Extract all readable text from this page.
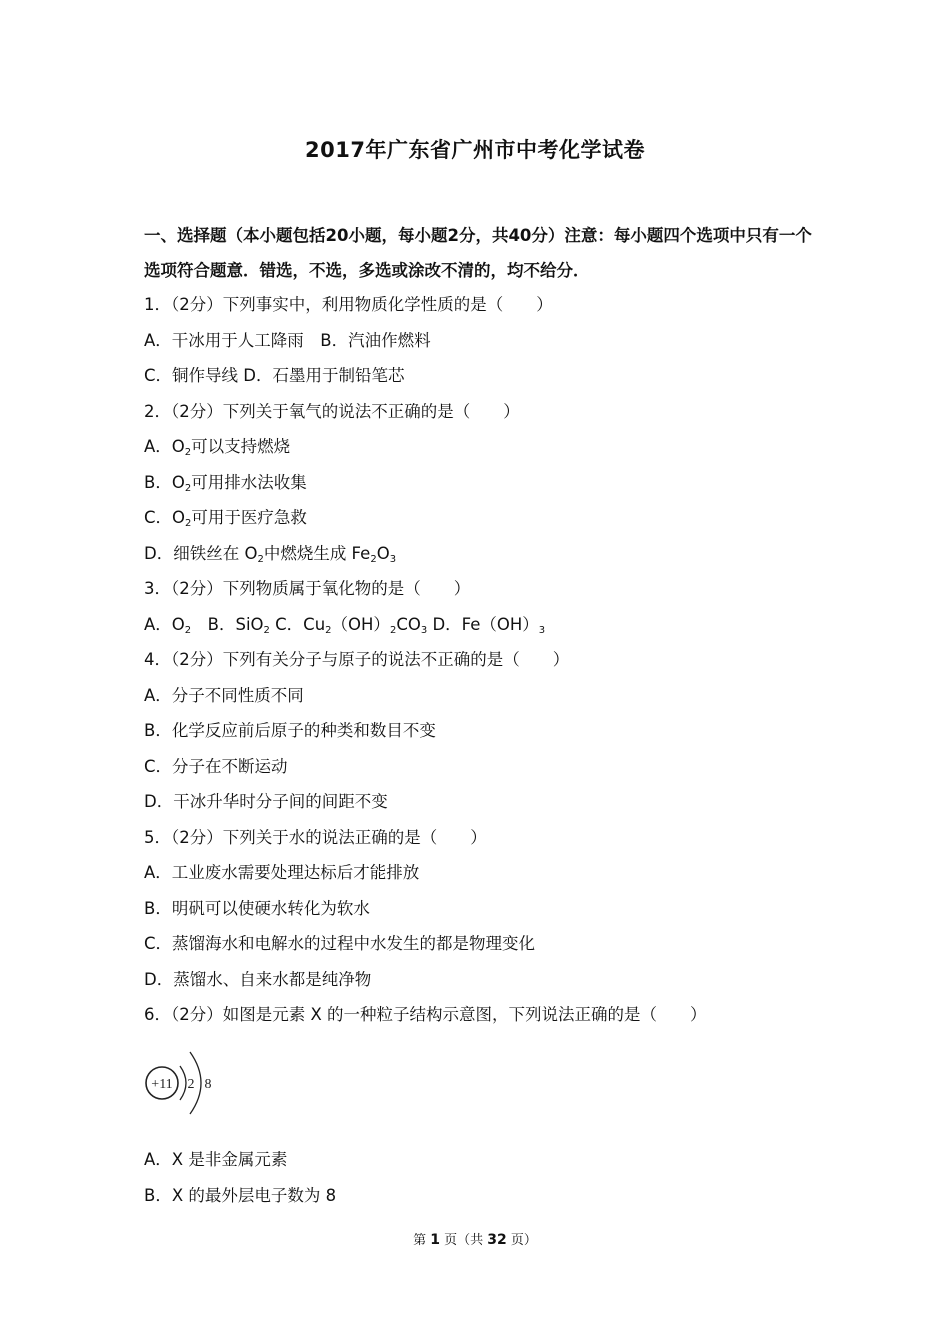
2017年广东省广州市中考化学试卷
一、选择题（本小题包括20小题，每小题2分，共40分）注意：每小题四个选项中只有一个选项符合题意．错选，不选，多选或涂改不清的，均不给分．
1．（2分）下列事实中，利用物质化学性质的是（　　）
A．干冰用于人工降雨　B．汽油作燃料
C．铜作导线 D．石墨用于制铅笔芯
2．（2分）下列关于氧气的说法不正确的是（　　）
A．$O_2$可以支持燃烧
B．$O_2$可用排水法收集
C．$O_2$可用于医疗急救
D．细铁丝在 $O_2$中燃烧生成 $Fe_2O_3$
3．（2分）下列物质属于氧化物的是（　　）
A．$O_2$　B．SiO$_2$ C．$Cu_2(OH)_2CO_3$ D．$Fe(OH)_3$
4．（2分）下列有关分子与原子的说法不正确的是（　　）
A．分子不同性质不同
B．化学反应前后原子的种类和数目不变
C．分子在不断运动
D．干冰升华时分子间的间距不变
5．（2分）下列关于水的说法正确的是（　　）
A．工业废水需要处理达标后才能排放
B．明矾可以使硬水转化为软水
C．蒸馏海水和电解水的过程中水发生的都是物理变化
D．蒸馏水、自来水都是纯净物
6．（2分）如图是元素 X 的一种粒子结构示意图，下列说法正确的是（　　）
+11 2 8
A．X 是非金属元素
B．X 的最外层电子数为 8
第 1 页（共 32 页）
